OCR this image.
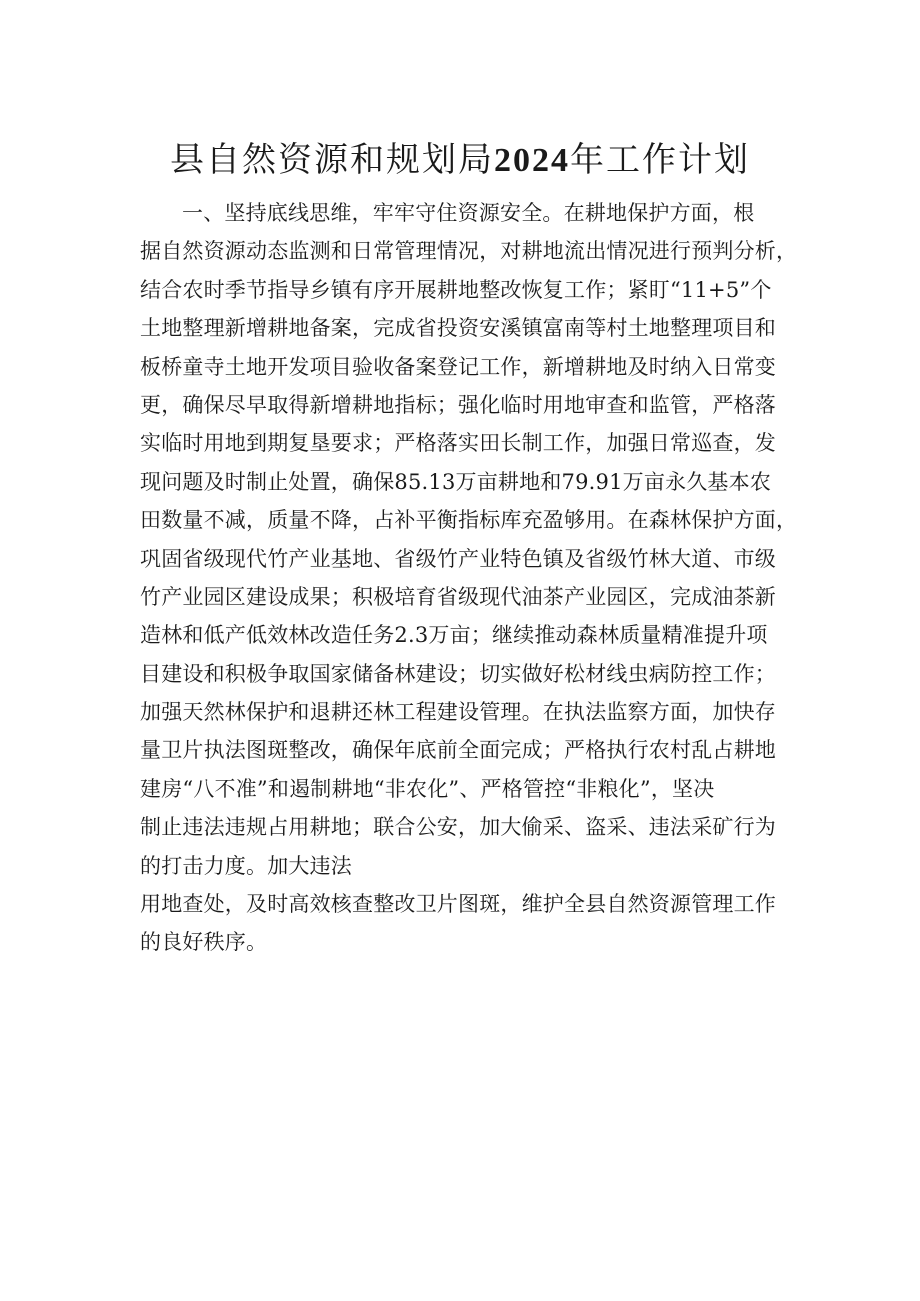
县自然资源和规划局2024年工作计划
一、坚持底线思维，牢牢守住资源安全。在耕地保护方面，根
据自然资源动态监测和日常管理情况，对耕地流出情况进行预判分析，
结合农时季节指导乡镇有序开展耕地整改恢复工作；紧盯“11+5”个
土地整理新增耕地备案，完成省投资安溪镇富南等村土地整理项目和
板桥童寺土地开发项目验收备案登记工作，新增耕地及时纳入日常变
更，确保尽早取得新增耕地指标；强化临时用地审查和监管，严格落
实临时用地到期复垦要求；严格落实田长制工作，加强日常巡查，发
现问题及时制止处置，确保85.13万亩耕地和79.91万亩永久基本农
田数量不减，质量不降，占补平衡指标库充盈够用。在森林保护方面，
巩固省级现代竹产业基地、省级竹产业特色镇及省级竹林大道、市级
竹产业园区建设成果；积极培育省级现代油茶产业园区，完成油茶新
造林和低产低效林改造任务2.3万亩；继续推动森林质量精准提升项
目建设和积极争取国家储备林建设；切实做好松材线虫病防控工作；
加强天然林保护和退耕还林工程建设管理。在执法监察方面，加快存
量卫片执法图斑整改，确保年底前全面完成；严格执行农村乱占耕地
建房“八不准”和遏制耕地“非农化”、严格管控“非粮化”，坚决
制止违法违规占用耕地；联合公安，加大偷采、盗采、违法采矿行为
的打击力度。加大违法
用地查处，及时高效核查整改卫片图斑，维护全县自然资源管理工作
的良好秩序。
